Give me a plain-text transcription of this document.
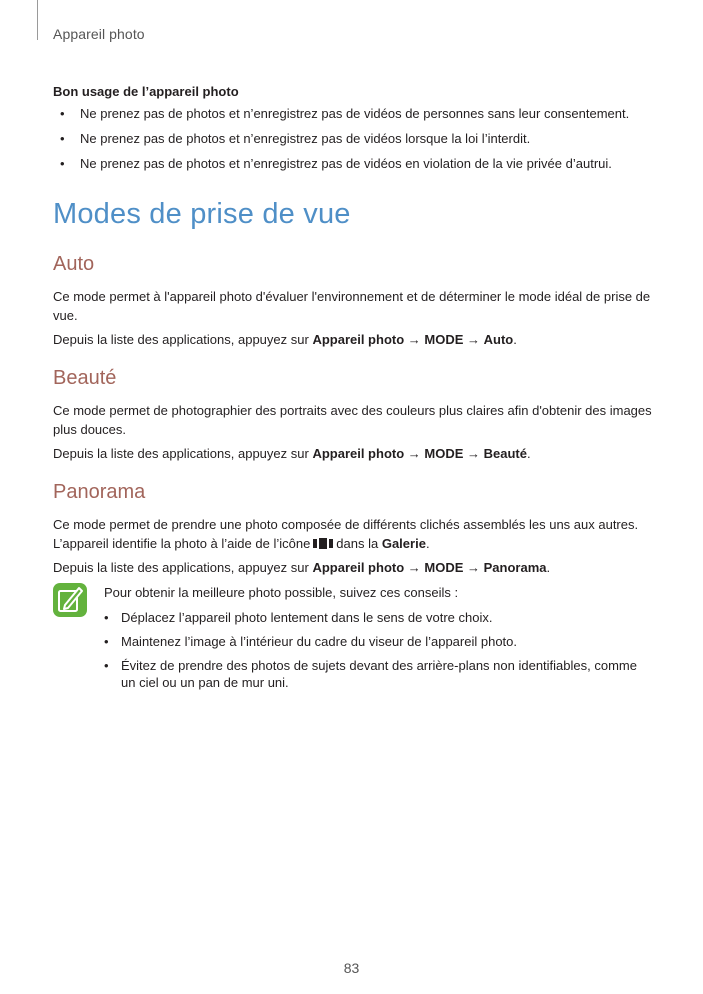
Appareil photo
Bon usage de l’appareil photo
• Ne prenez pas de photos et n’enregistrez pas de vidéos de personnes sans leur consentement.
• Ne prenez pas de photos et n’enregistrez pas de vidéos lorsque la loi l’interdit.
• Ne prenez pas de photos et n’enregistrez pas de vidéos en violation de la vie privée d’autrui.
Modes de prise de vue
Auto

Ce mode permet à l'appareil photo d'évaluer l'environnement et de déterminer le mode idéal de prise de vue.

Depuis la liste des applications, appuyez sur Appareil photo → MODE → Auto.

Beauté

Ce mode permet de photographier des portraits avec des couleurs plus claires afin d'obtenir des images plus douces.

Depuis la liste des applications, appuyez sur Appareil photo → MODE → Beauté.

Panorama

Ce mode permet de prendre une photo composée de différents clichés assemblés les uns aux autres.

L’appareil identifie la photo à l’aide de l’icône dans la Galerie.

Depuis la liste des applications, appuyez sur Appareil photo → MODE → Panorama.

Pour obtenir la meilleure photo possible, suivez ces conseils :

• Déplacez l’appareil photo lentement dans le sens de votre choix.
• Maintenez l’image à l’intérieur du cadre du viseur de l’appareil photo.
• Évitez de prendre des photos de sujets devant des arrière-plans non identifiables, comme un ciel ou un pan de mur uni.
83
